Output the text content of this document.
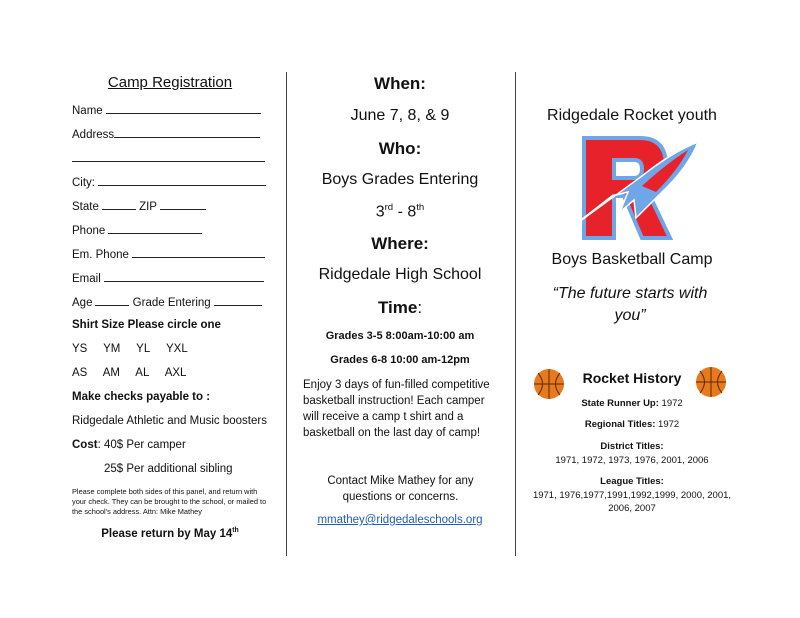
Camp Registration
Name
Address
City:
State	ZIP
Phone
Em. Phone
Email
Age	Grade Entering
Shirt Size Please circle one
YS YM YL YXL
AS AM AL AXL
Make checks payable to :
Ridgedale Athletic and Music boosters
Cost: 40$ Per camper
25$ Per additional sibling
Please complete both sides of this panel, and return with your check. They can be brought to the school, or mailed to the school's address. Attn: Mike Mathey
Please return by May 14th
When:
June 7, 8, & 9
Who:
Boys Grades Entering
3rd - 8th
Where:
Ridgedale High School
Time:
Grades 3-5 8:00am-10:00 am
Grades 6-8 10:00 am-12pm
Enjoy 3 days of fun-filled competitive basketball instruction! Each camper will receive a camp t shirt and a basketball on the last day of camp!
Contact Mike Mathey for any questions or concerns.
mmathey@ridgedaleschools.org
Ridgedale Rocket youth
Boys Basketball Camp
“The future starts with you”
Rocket History
State Runner Up: 1972
Regional Titles: 1972
District Titles:
1971, 1972, 1973, 1976, 2001, 2006
League Titles:
1971, 1976,1977,1991,1992,1999, 2000, 2001, 2006, 2007
